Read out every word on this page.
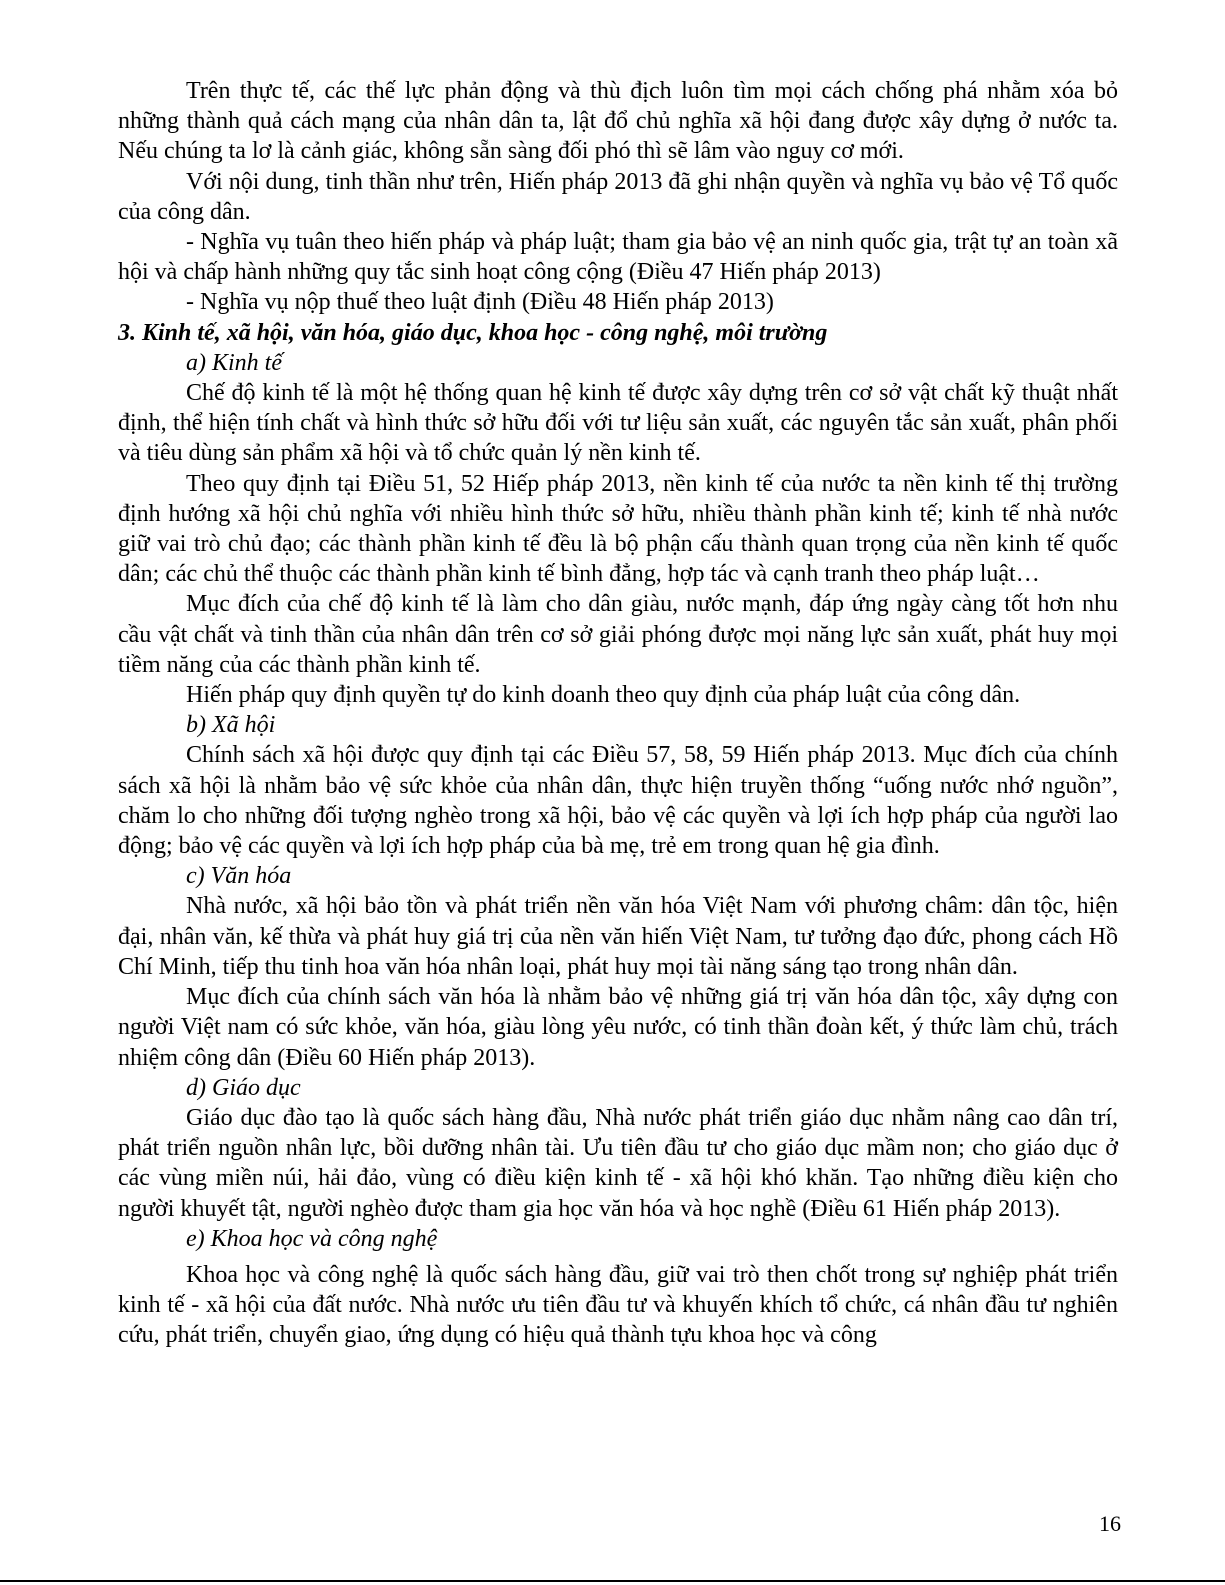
Trên thực tế, các thế lực phản động và thù địch luôn tìm mọi cách chống phá nhằm xóa bỏ những thành quả cách mạng của nhân dân ta, lật đổ chủ nghĩa xã hội đang được xây dựng ở nước ta. Nếu chúng ta lơ là cảnh giác, không sẵn sàng đối phó thì sẽ lâm vào nguy cơ mới.

Với nội dung, tinh thần như trên, Hiến pháp 2013 đã ghi nhận quyền và nghĩa vụ bảo vệ Tổ quốc của công dân.

- Nghĩa vụ tuân theo hiến pháp và pháp luật; tham gia bảo vệ an ninh quốc gia, trật tự an toàn xã hội và chấp hành những quy tắc sinh hoạt công cộng (Điều 47 Hiến pháp 2013)

- Nghĩa vụ nộp thuế theo luật định (Điều 48 Hiến pháp 2013)

3. Kinh tế, xã hội, văn hóa, giáo dục, khoa học - công nghệ, môi trường

a) Kinh tế

Chế độ kinh tế là một hệ thống quan hệ kinh tế được xây dựng trên cơ sở vật chất kỹ thuật nhất định, thể hiện tính chất và hình thức sở hữu đối với tư liệu sản xuất, các nguyên tắc sản xuất, phân phối và tiêu dùng sản phẩm xã hội và tổ chức quản lý nền kinh tế.

Theo quy định tại Điều 51, 52 Hiếp pháp 2013, nền kinh tế của nước ta nền kinh tế thị trường định hướng xã hội chủ nghĩa với nhiều hình thức sở hữu, nhiều thành phần kinh tế; kinh tế nhà nước giữ vai trò chủ đạo; các thành phần kinh tế đều là bộ phận cấu thành quan trọng của nền kinh tế quốc dân; các chủ thể thuộc các thành phần kinh tế bình đẳng, hợp tác và cạnh tranh theo pháp luật…

Mục đích của chế độ kinh tế là làm cho dân giàu, nước mạnh, đáp ứng ngày càng tốt hơn nhu cầu vật chất và tinh thần của nhân dân trên cơ sở giải phóng được mọi năng lực sản xuất, phát huy mọi tiềm năng của các thành phần kinh tế.

Hiến pháp quy định quyền tự do kinh doanh theo quy định của pháp luật của công dân.

b) Xã hội

Chính sách xã hội được quy định tại các Điều 57, 58, 59 Hiến pháp 2013. Mục đích của chính sách xã hội là nhằm bảo vệ sức khỏe của nhân dân, thực hiện truyền thống “uống nước nhớ nguồn”, chăm lo cho những đối tượng nghèo trong xã hội, bảo vệ các quyền và lợi ích hợp pháp của người lao động; bảo vệ các quyền và lợi ích hợp pháp của bà mẹ, trẻ em trong quan hệ gia đình.

c) Văn hóa

Nhà nước, xã hội bảo tồn và phát triển nền văn hóa Việt Nam với phương châm: dân tộc, hiện đại, nhân văn, kế thừa và phát huy giá trị của nền văn hiến Việt Nam, tư tưởng đạo đức, phong cách Hồ Chí Minh, tiếp thu tinh hoa văn hóa nhân loại, phát huy mọi tài năng sáng tạo trong nhân dân.

Mục đích của chính sách văn hóa là nhằm bảo vệ những giá trị văn hóa dân tộc, xây dựng con người Việt nam có sức khỏe, văn hóa, giàu lòng yêu nước, có tinh thần đoàn kết, ý thức làm chủ, trách nhiệm công dân (Điều 60 Hiến pháp 2013).

d) Giáo dục

Giáo dục đào tạo là quốc sách hàng đầu, Nhà nước phát triển giáo dục nhằm nâng cao dân trí, phát triển nguồn nhân lực, bồi dưỡng nhân tài. Ưu tiên đầu tư cho giáo dục mầm non; cho giáo dục ở các vùng miền núi, hải đảo, vùng có điều kiện kinh tế - xã hội khó khăn. Tạo những điều kiện cho người khuyết tật, người nghèo được tham gia học văn hóa và học nghề (Điều 61 Hiến pháp 2013).

e) Khoa học và công nghệ

Khoa học và công nghệ là quốc sách hàng đầu, giữ vai trò then chốt trong sự nghiệp phát triển kinh tế - xã hội của đất nước. Nhà nước ưu tiên đầu tư và khuyến khích tổ chức, cá nhân đầu tư nghiên cứu, phát triển, chuyển giao, ứng dụng có hiệu quả thành tựu khoa học và công

16
